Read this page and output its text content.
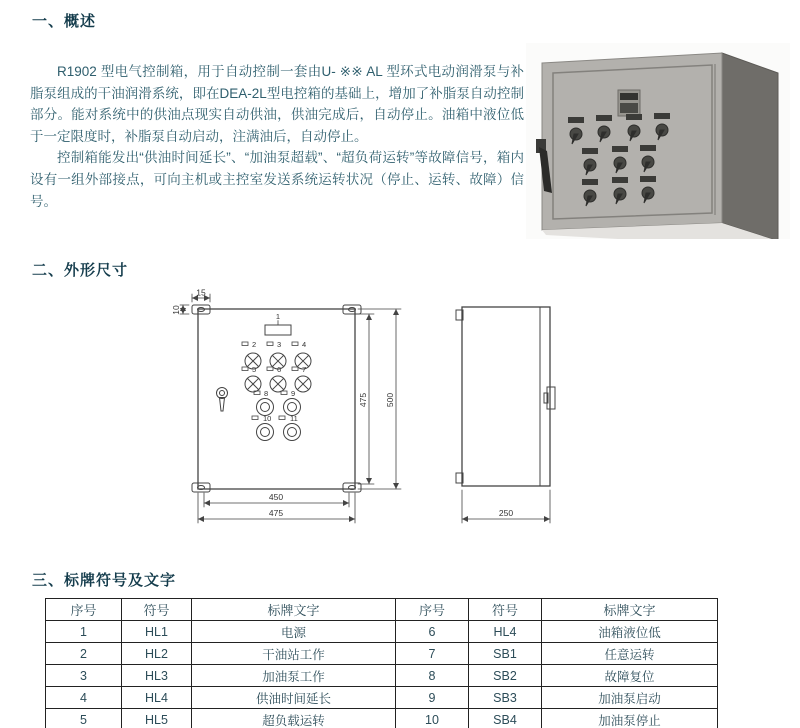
一、概述

R1902 型电气控制箱，用于自动控制一套由U- ※※ AL 型环式电动润滑泵与补脂泵组成的干油润滑系统，即在DEA-2L型电控箱的基础上，增加了补脂泵自动控制部分。能对系统中的供油点现实自动供油，供油完成后，自动停止。油箱中液位低于一定限度时，补脂泵自动启动，注满油后，自动停止。

控制箱能发出“供油时间延长”、“加油泵超载”、“超负荷运转”等故障信号，箱内设有一组外部接点，可向主机或主控室发送系统运转状况（停止、运转、故障）信号。

二、外形尺寸
1
2	3	4
5	6	7
8	9
10 11
15
10
475 500
450
475	250
三、标牌符号及文字
序号	符号	标牌文字	序号	符号	标牌文字
1	HL1	电源	6	HL4	油箱液位低
2	HL2	干油站工作	7	SB1	任意运转
3	HL3	加油泵工作	8	SB2	故障复位
4	HL4	供油时间延长	9	SB3	加油泵启动
5	HL5	超负载运转	10	SB4	加油泵停止
